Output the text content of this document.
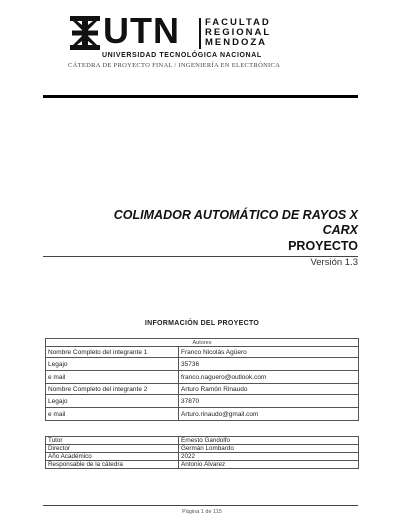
UTN	FACULTAD
REGIONAL
MENDOZA
UNIVERSIDAD TECNOLÓGICA NACIONAL
CÁTEDRA DE PROYECTO FINAL / INGENIERÍA EN ELECTRÓNICA
COLIMADOR AUTOMÁTICO DE RAYOS X
CARX
PROYECTO
Versión 1.3
INFORMACIÓN DEL PROYECTO
Autores	
Nombre Completo del integrante 1	Franco Nicolás Agüero
Legajo	35736
e mail	franco.naguero@outlook.com
Nombre Completo del integrante 2	Arturo Ramón Rinaudo
Legajo	37870
e mail	Arturo.rinaudo@gmail.com
Tutor	Ernesto Gandolfo
Director	Germán Lombardo
Año Académico	2022
Responsable de la cátedra	Antonio Álvarez
Página 1 de 115
